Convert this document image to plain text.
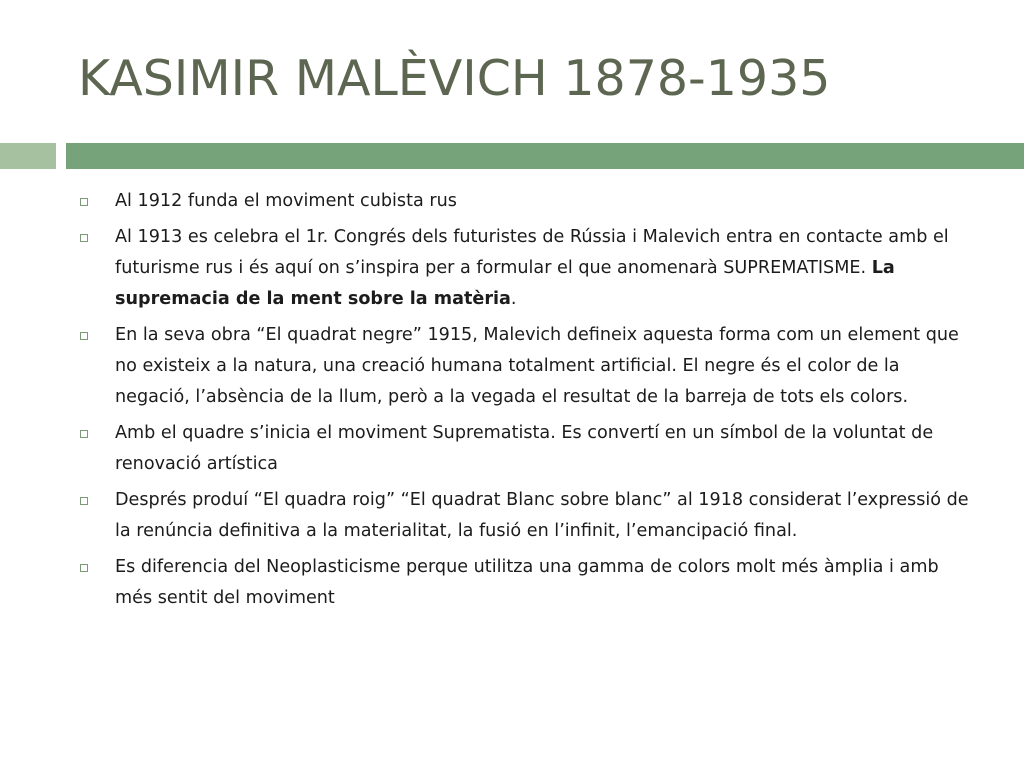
KASIMIR MALÈVICH 1878-1935
Al 1912 funda el moviment cubista rus
Al 1913 es celebra el 1r. Congrés dels futuristes de Rússia i Malevich entra en contacte amb el futurisme rus i és aquí on s’inspira per a formular el que anomenarà SUPREMATISME. La supremacia de la ment sobre la matèria.
En la seva obra “El quadrat negre” 1915, Malevich defineix aquesta forma com un element que no existeix a la natura, una creació humana totalment artificial. El negre és el color de la negació, l’absència de la llum, però a la vegada el resultat de la barreja de tots els colors.
Amb el quadre s’inicia el moviment Suprematista. Es convertí en un símbol de la voluntat de renovació artística
Després produí “El quadra roig” “El quadrat Blanc sobre blanc” al 1918 considerat l’expressió de la renúncia definitiva a la materialitat, la fusió en l’infinit, l’emancipació final.
Es diferencia del Neoplasticisme perque utilitza una gamma de colors molt més àmplia i amb més sentit del moviment
